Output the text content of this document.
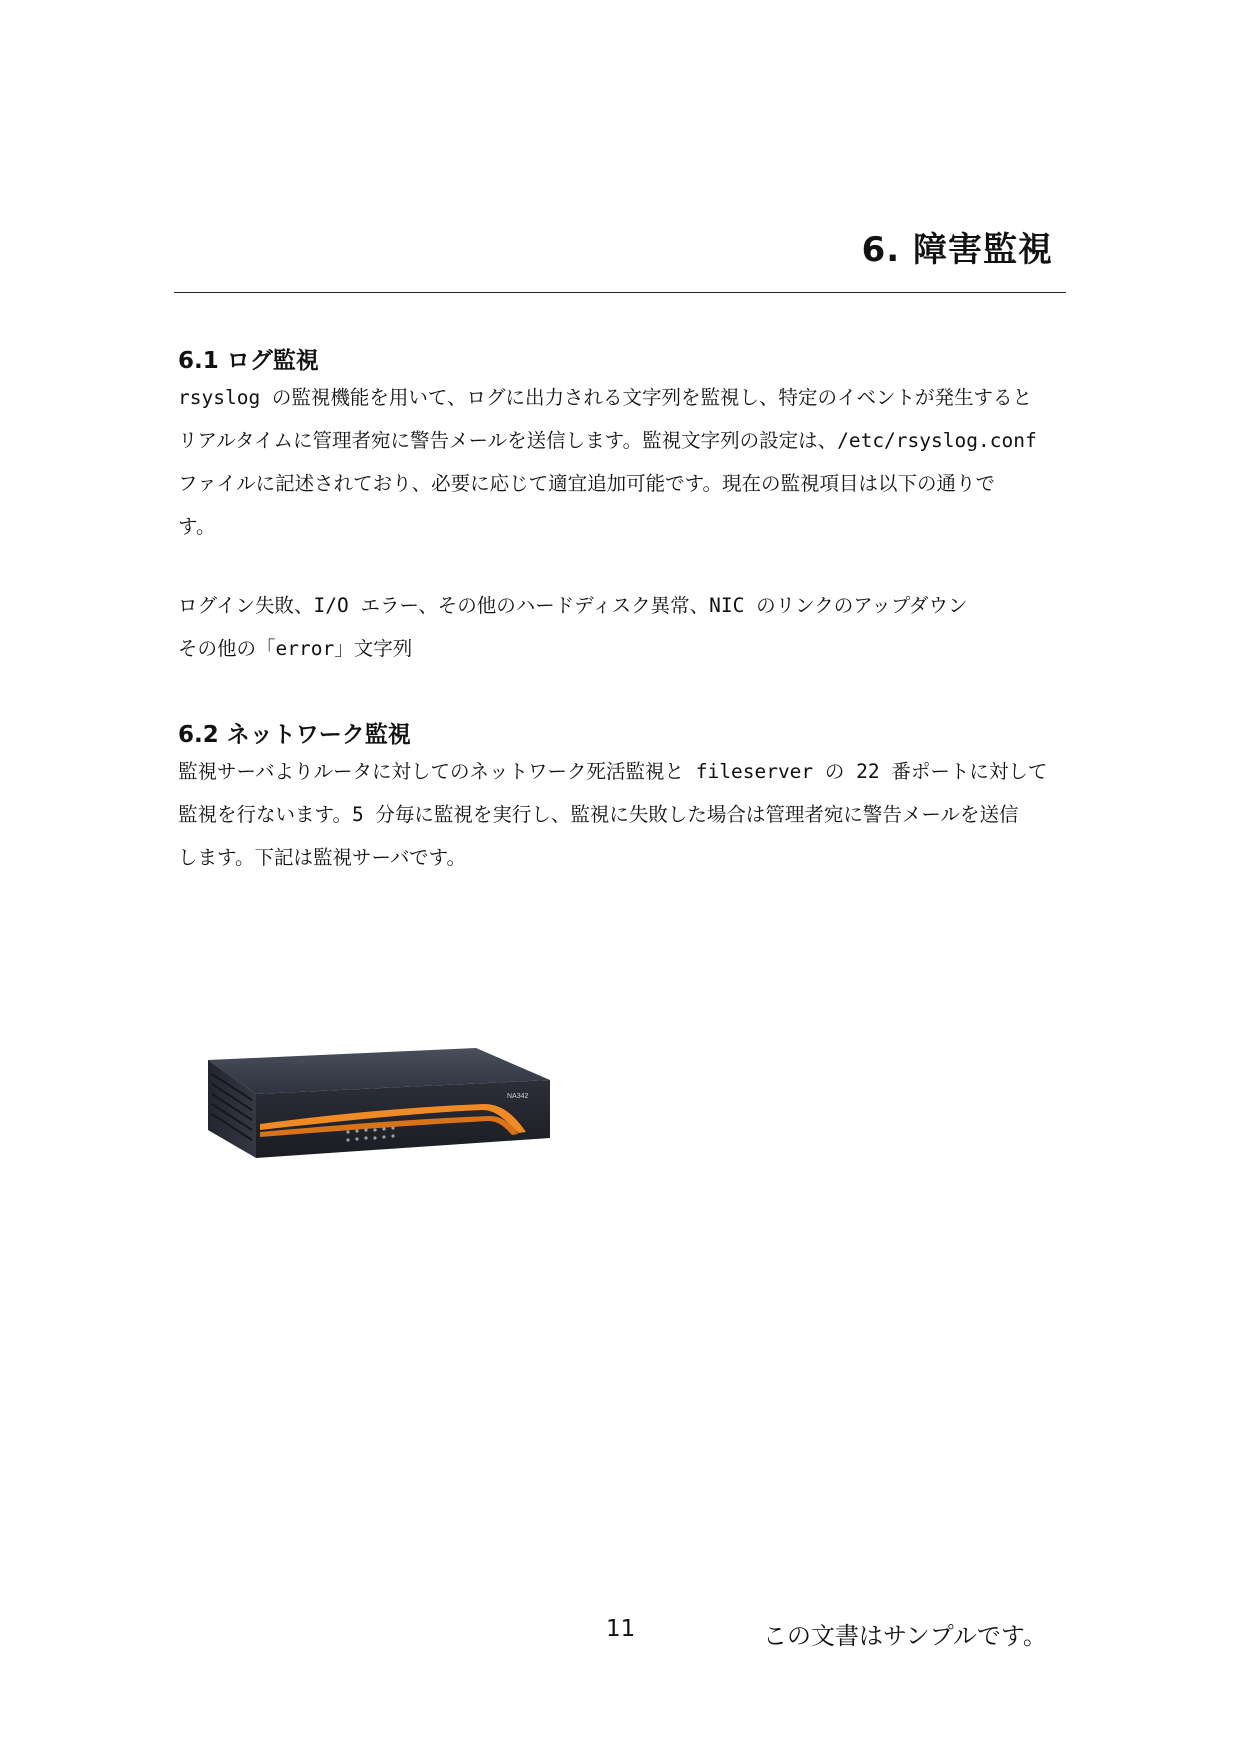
6. 障害監視
6.1 ログ監視

rsyslog の監視機能を用いて、ログに出力される文字列を監視し、特定のイベントが発生すると

リアルタイムに管理者宛に警告メールを送信します。監視文字列の設定は、/etc/rsyslog.conf

ファイルに記述されており、必要に応じて適宜追加可能です。現在の監視項目は以下の通りで

す。

ログイン失敗、I/O エラー、その他のハードディスク異常、NIC のリンクのアップダウン

その他の「error」文字列

6.2 ネットワーク監視

監視サーバよりルータに対してのネットワーク死活監視と fileserver の 22 番ポートに対して

監視を行ないます。5 分毎に監視を実行し、監視に失敗した場合は管理者宛に警告メールを送信

します。下記は監視サーバです。

NA342
11	この文書はサンプルです。
